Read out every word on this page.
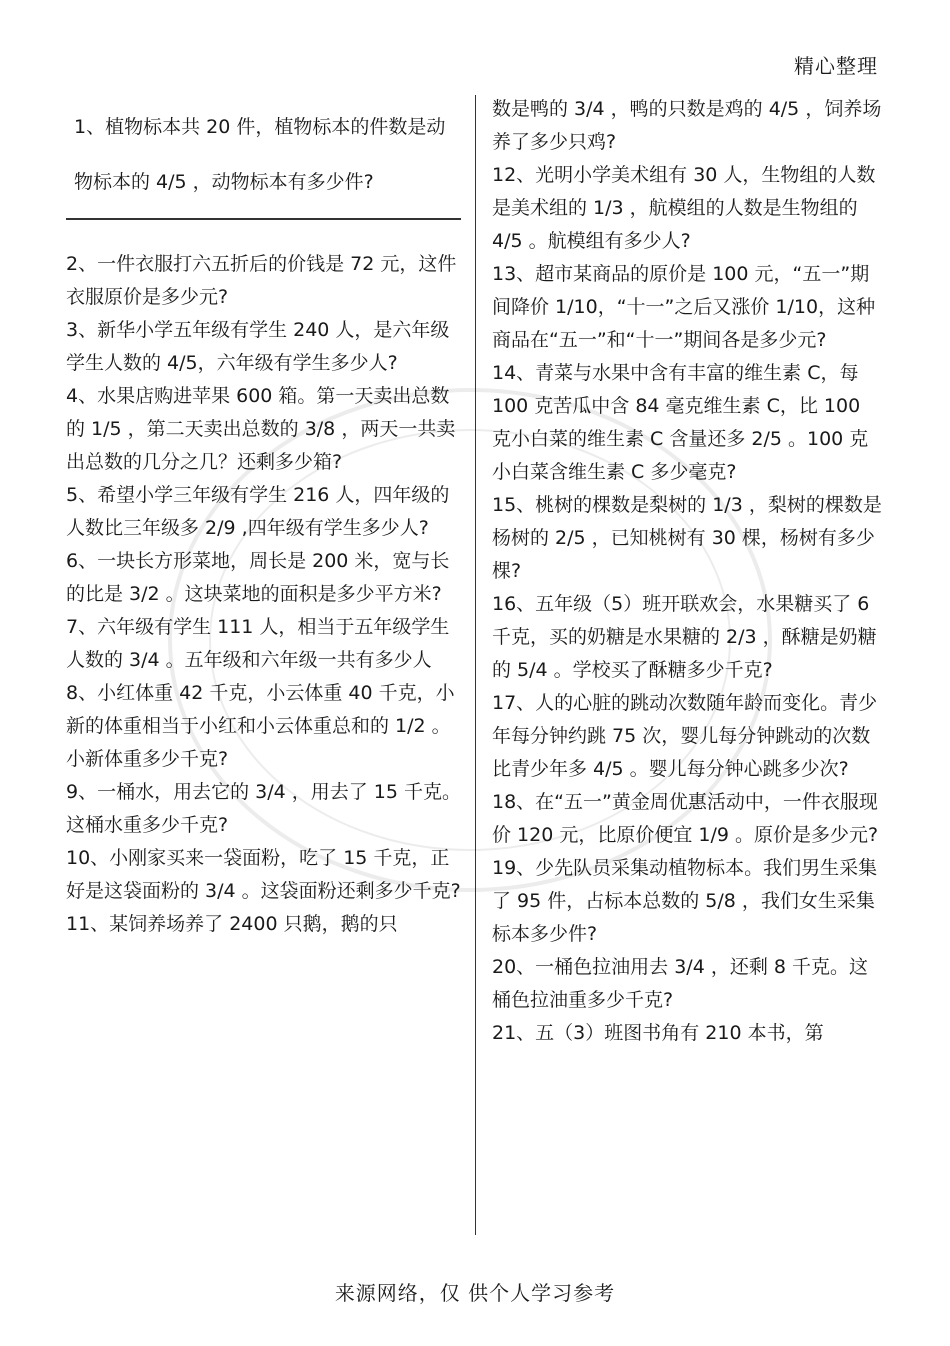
精心整理

1、植物标本共 20 件，植物标本的件数是动物标本的 4/5 ，动物标本有多少件?

2、一件衣服打六五折后的价钱是 72 元，这件衣服原价是多少元?

3、新华小学五年级有学生 240 人，是六年级学生人数的 4/5，六年级有学生多少人?

4、水果店购进苹果 600 箱。第一天卖出总数的 1/5 ，第二天卖出总数的 3/8 ，两天一共卖出总数的几分之几？还剩多少箱?

5、希望小学三年级有学生 216 人，四年级的人数比三年级多 2/9 ,四年级有学生多少人?

6、一块长方形菜地，周长是 200 米，宽与长的比是 3/2 。这块菜地的面积是多少平方米?

7、六年级有学生 111 人，相当于五年级学生人数的 3/4 。五年级和六年级一共有多少人

8、小红体重 42 千克，小云体重 40 千克，小新的体重相当于小红和小云体重总和的 1/2 。小新体重多少千克?

9、一桶水，用去它的 3/4 ，用去了 15 千克。这桶水重多少千克?

10、小刚家买来一袋面粉，吃了 15 千克，正好是这袋面粉的 3/4 。这袋面粉还剩多少千克?

11、某饲养场养了 2400 只鹅，鹅的只

数是鸭的 3/4 ，鸭的只数是鸡的 4/5 ，饲养场养了多少只鸡?

12、光明小学美术组有 30 人，生物组的人数是美术组的 1/3 ，航模组的人数是生物组的 4/5 。航模组有多少人?

13、超市某商品的原价是 100 元，“五一”期间降价 1/10，“十一”之后又涨价 1/10，这种商品在“五一”和“十一”期间各是多少元?

14、青菜与水果中含有丰富的维生素 C，每 100 克苦瓜中含 84 毫克维生素 C，比 100 克小白菜的维生素 C 含量还多 2/5 。100 克小白菜含维生素 C 多少毫克?

15、桃树的棵数是梨树的 1/3 ，梨树的棵数是杨树的 2/5 ，已知桃树有 30 棵，杨树有多少棵?

16、五年级（5）班开联欢会，水果糖买了 6 千克，买的奶糖是水果糖的 2/3 ，酥糖是奶糖的 5/4 。学校买了酥糖多少千克?

17、人的心脏的跳动次数随年龄而变化。青少年每分钟约跳 75 次，婴儿每分钟跳动的次数比青少年多 4/5 。婴儿每分钟心跳多少次?

18、在“五一”黄金周优惠活动中，一件衣服现价 120 元，比原价便宜 1/9 。原价是多少元?

19、少先队员采集动植物标本。我们男生采集了 95 件，占标本总数的 5/8 ，我们女生采集标本多少件?

20、一桶色拉油用去 3/4 ，还剩 8 千克。这桶色拉油重多少千克?

21、五（3）班图书角有 210 本书，第

来源网络，仅 供个人学习参考
